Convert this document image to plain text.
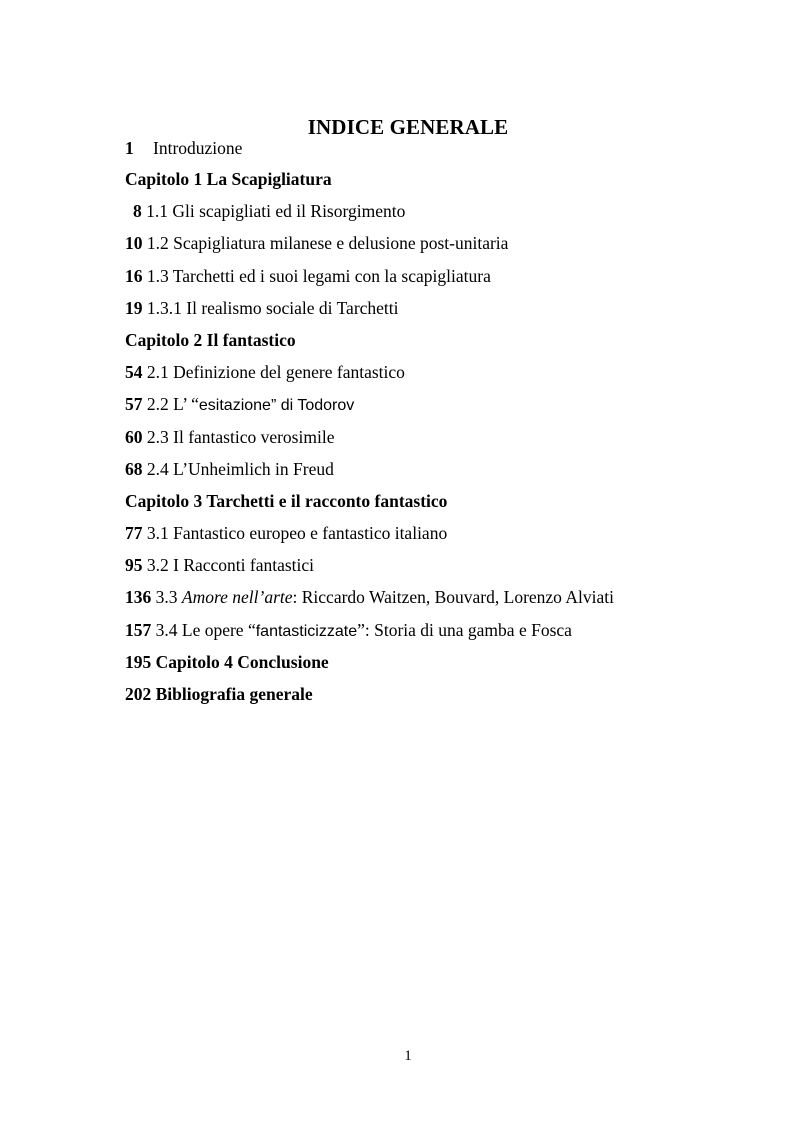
INDICE GENERALE
1 Introduzione
Capitolo 1 La Scapigliatura
8 1.1 Gli scapigliati ed il Risorgimento
10 1.2 Scapigliatura milanese e delusione post-unitaria
16 1.3 Tarchetti ed i suoi legami con la scapigliatura
19 1.3.1 Il realismo sociale di Tarchetti
Capitolo 2 Il fantastico
54 2.1 Definizione del genere fantastico
57 2.2 L’ “esitazione” di Todorov
60 2.3 Il fantastico verosimile
68 2.4 L’Unheimlich in Freud
Capitolo 3 Tarchetti e il racconto fantastico
77 3.1 Fantastico europeo e fantastico italiano
95 3.2 I Racconti fantastici
136 3.3 Amore nell’arte: Riccardo Waitzen, Bouvard, Lorenzo Alviati
157 3.4 Le opere “fantasticizzate”: Storia di una gamba e Fosca
195 Capitolo 4 Conclusione
202 Bibliografia generale
1
